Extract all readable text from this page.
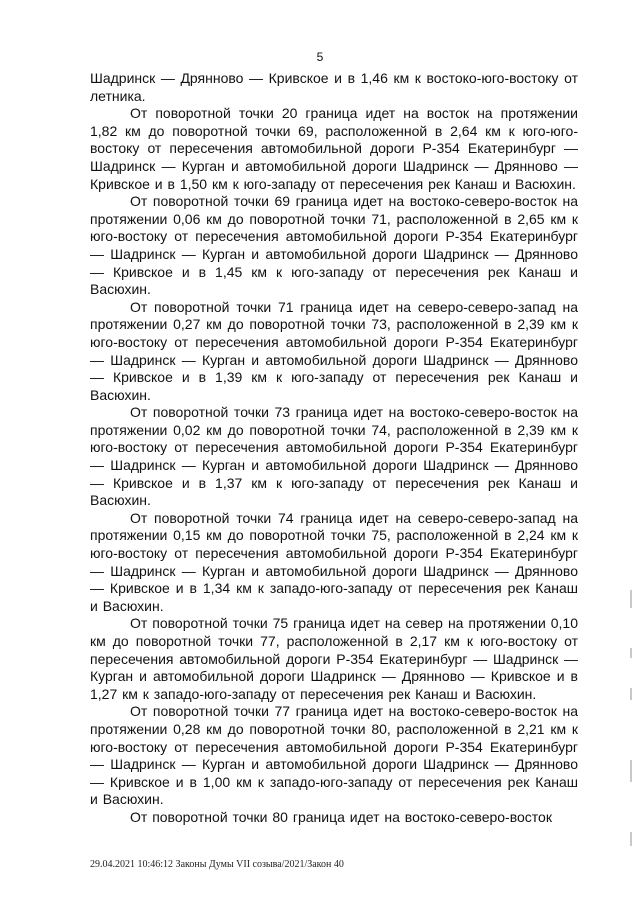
5

Шадринск — Дрянново — Кривское и в 1,46 км к востоко-юго-востоку от летника.

От поворотной точки 20 граница идет на восток на протяжении 1,82 км до поворотной точки 69, расположенной в 2,64 км к юго-юго-востоку от пересечения автомобильной дороги Р-354 Екатеринбург — Шадринск — Курган и автомобильной дороги Шадринск — Дрянново — Кривское и в 1,50 км к юго-западу от пересечения рек Канаш и Васюхин.

От поворотной точки 69 граница идет на востоко-северо-восток на протяжении 0,06 км до поворотной точки 71, расположенной в 2,65 км к юго-востоку от пересечения автомобильной дороги Р-354 Екатеринбург — Шадринск — Курган и автомобильной дороги Шадринск — Дрянново — Кривское и в 1,45 км к юго-западу от пересечения рек Канаш и Васюхин.

От поворотной точки 71 граница идет на северо-северо-запад на протяжении 0,27 км до поворотной точки 73, расположенной в 2,39 км к юго-востоку от пересечения автомобильной дороги Р-354 Екатеринбург — Шадринск — Курган и автомобильной дороги Шадринск — Дрянново — Кривское и в 1,39 км к юго-западу от пересечения рек Канаш и Васюхин.

От поворотной точки 73 граница идет на востоко-северо-восток на протяжении 0,02 км до поворотной точки 74, расположенной в 2,39 км к юго-востоку от пересечения автомобильной дороги Р-354 Екатеринбург — Шадринск — Курган и автомобильной дороги Шадринск — Дрянново — Кривское и в 1,37 км к юго-западу от пересечения рек Канаш и Васюхин.

От поворотной точки 74 граница идет на северо-северо-запад на протяжении 0,15 км до поворотной точки 75, расположенной в 2,24 км к юго-востоку от пересечения автомобильной дороги Р-354 Екатеринбург — Шадринск — Курган и автомобильной дороги Шадринск — Дрянново — Кривское и в 1,34 км к западо-юго-западу от пересечения рек Канаш и Васюхин.

От поворотной точки 75 граница идет на север на протяжении 0,10 км до поворотной точки 77, расположенной в 2,17 км к юго-востоку от пересечения автомобильной дороги Р-354 Екатеринбург — Шадринск — Курган и автомобильной дороги Шадринск — Дрянново — Кривское и в 1,27 км к западо-юго-западу от пересечения рек Канаш и Васюхин.

От поворотной точки 77 граница идет на востоко-северо-восток на протяжении 0,28 км до поворотной точки 80, расположенной в 2,21 км к юго-востоку от пересечения автомобильной дороги Р-354 Екатеринбург — Шадринск — Курган и автомобильной дороги Шадринск — Дрянново — Кривское и в 1,00 км к западо-юго-западу от пересечения рек Канаш и Васюхин.

От поворотной точки 80 граница идет на востоко-северо-восток

29.04.2021 10:46:12 Законы Думы VII созыва/2021/Закон 40
